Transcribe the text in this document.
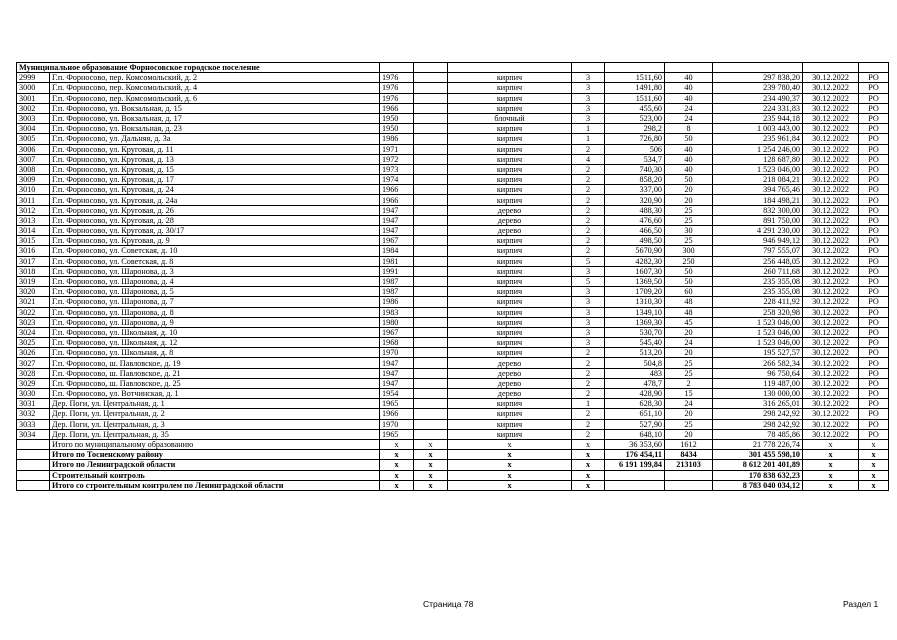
Муниципальное образование Форносовское городское поселение										
2999	Г.п. Форносово, пер. Комсомольский, д. 2	1976		кирпич	3	1511,60	40	297 838,20	30.12.2022	РО
3000	Г.п. Форносово, пер. Комсомольский, д. 4	1976		кирпич	3	1491,80	40	239 780,40	30.12.2022	РО
3001	Г.п. Форносово, пер. Комсомольский, д. 6	1976		кирпич	3	1511,60	40	234 490,37	30.12.2022	РО
3002	Г.п. Форносово, ул. Вокзальная, д. 15	1966		кирпич	3	455,60	24	224 331,83	30.12.2022	РО
3003	Г.п. Форносово, ул. Вокзальная, д. 17	1950		блочный	3	523,00	24	235 944,18	30.12.2022	РО
3004	Г.п. Форносово, ул. Вокзальная, д. 23	1950		кирпич	1	298,2	8	1 003 443,00	30.12.2022	РО
3005	Г.п. Форносово, ул. Дальняя, д. 3а	1986		кирпич	1	726,80	50	235 961,84	30.12.2022	РО
3006	Г.п. Форносово, ул. Круговая, д. 11	1971		кирпич	2	506	40	1 254 246,00	30.12.2022	РО
3007	Г.п. Форносово, ул. Круговая, д. 13	1972		кирпич	4	534,7	40	128 687,80	30.12.2022	РО
3008	Г.п. Форносово, ул. Круговая, д. 15	1973		кирпич	2	740,30	40	1 523 046,00	30.12.2022	РО
3009	Г.п. Форносово, ул. Круговая, д. 17	1974		кирпич	2	858,20	50	218 084,21	30.12.2022	РО
3010	Г.п. Форносово, ул. Круговая, д. 24	1966		кирпич	2	337,00	20	394 765,46	30.12.2022	РО
3011	Г.п. Форносово, ул. Круговая, д. 24а	1966		кирпич	2	320,90	20	184 498,21	30.12.2022	РО
3012	Г.п. Форносово, ул. Круговая, д. 26	1947		дерево	2	488,30	25	832 300,00	30.12.2022	РО
3013	Г.п. Форносово, ул. Круговая, д. 28	1947		дерево	2	476,60	25	891 750,00	30.12.2022	РО
3014	Г.п. Форносово, ул. Круговая, д. 30/17	1947		дерево	2	466,50	30	4 291 230,00	30.12.2022	РО
3015	Г.п. Форносово, ул. Круговая, д. 9	1967		кирпич	2	498,50	25	946 949,12	30.12.2022	РО
3016	Г.п. Форносово, ул. Советская, д. 10	1984		кирпич	2	5670,90	300	797 555,07	30.12.2022	РО
3017	Г.п. Форносово, ул. Советская, д. 8	1981		кирпич	5	4282,30	250	256 448,05	30.12.2022	РО
3018	Г.п. Форносово, ул. Шаронова, д. 3	1991		кирпич	3	1607,30	50	260 711,68	30.12.2022	РО
3019	Г.п. Форносово, ул. Шаронова, д. 4	1987		кирпич	5	1369,50	50	235 355,08	30.12.2022	РО
3020	Г.п. Форносово, ул. Шаронова, д. 5	1987		кирпич	3	1709,20	60	235 355,08	30.12.2022	РО
3021	Г.п. Форносово, ул. Шаронова, д. 7	1986		кирпич	3	1310,30	48	228 411,92	30.12.2022	РО
3022	Г.п. Форносово, ул. Шаронова, д. 8	1983		кирпич	3	1349,10	48	258 320,98	30.12.2022	РО
3023	Г.п. Форносово, ул. Шаронова, д. 9	1980		кирпич	3	1369,30	45	1 523 046,00	30.12.2022	РО
3024	Г.п. Форносово, ул. Школьная, д. 10	1967		кирпич	3	530,70	20	1 523 046,00	30.12.2022	РО
3025	Г.п. Форносово, ул. Школьная, д. 12	1968		кирпич	3	545,40	24	1 523 046,00	30.12.2022	РО
3026	Г.п. Форносово, ул. Школьная, д. 8	1970		кирпич	2	513,20	20	195 527,57	30.12.2022	РО
3027	Г.п. Форносово, ш. Павловское, д. 19	1947		дерево	2	504,8	25	266 582,34	30.12.2022	РО
3028	Г.п. Форносово, ш. Павловское, д. 21	1947		дерево	2	483	25	96 750,64	30.12.2022	РО
3029	Г.п. Форносово, ш. Павловское, д. 25	1947		дерево	2	478,7	2	119 487,00	30.12.2022	РО
3030	Г.п. Форносово, ул. Вотчинская, д. 1	1954		дерево	2	428,90	15	130 000,00	30.12.2022	РО
3031	Дер. Поги, ул. Центральная, д. 1	1965		кирпич	1	628,30	24	316 265,01	30.12.2022	РО
3032	Дер. Поги, ул. Центральная, д. 2	1966		кирпич	2	651,10	20	298 242,92	30.12.2022	РО
3033	Дер. Поги, ул. Центральная, д. 3	1970		кирпич	2	527,90	25	298 242,92	30.12.2022	РО
3034	Дер. Поги, ул. Центральная, д. 35	1965		кирпич	2	648,10	20	78 485,86	30.12.2022	РО
	Итого по муниципальному образованию	x	x	x	x	36 353,60	1612	21 778 226,74	x	x
	Итого по Тосненскому району	x	x	x	x	176 454,11	8434	301 455 598,10	x	x
	Итого по Ленинградской области	x	x	x	x	6 191 199,84	213103	8 612 201 401,89	x	x
	Строительный контроль	x	x	x	x			170 838 632,23	x	x
	Итого со строительным контролем по Ленинградской области	x	x	x	x			8 783 040 034,12	x	x
Страница 78	Раздел 1
